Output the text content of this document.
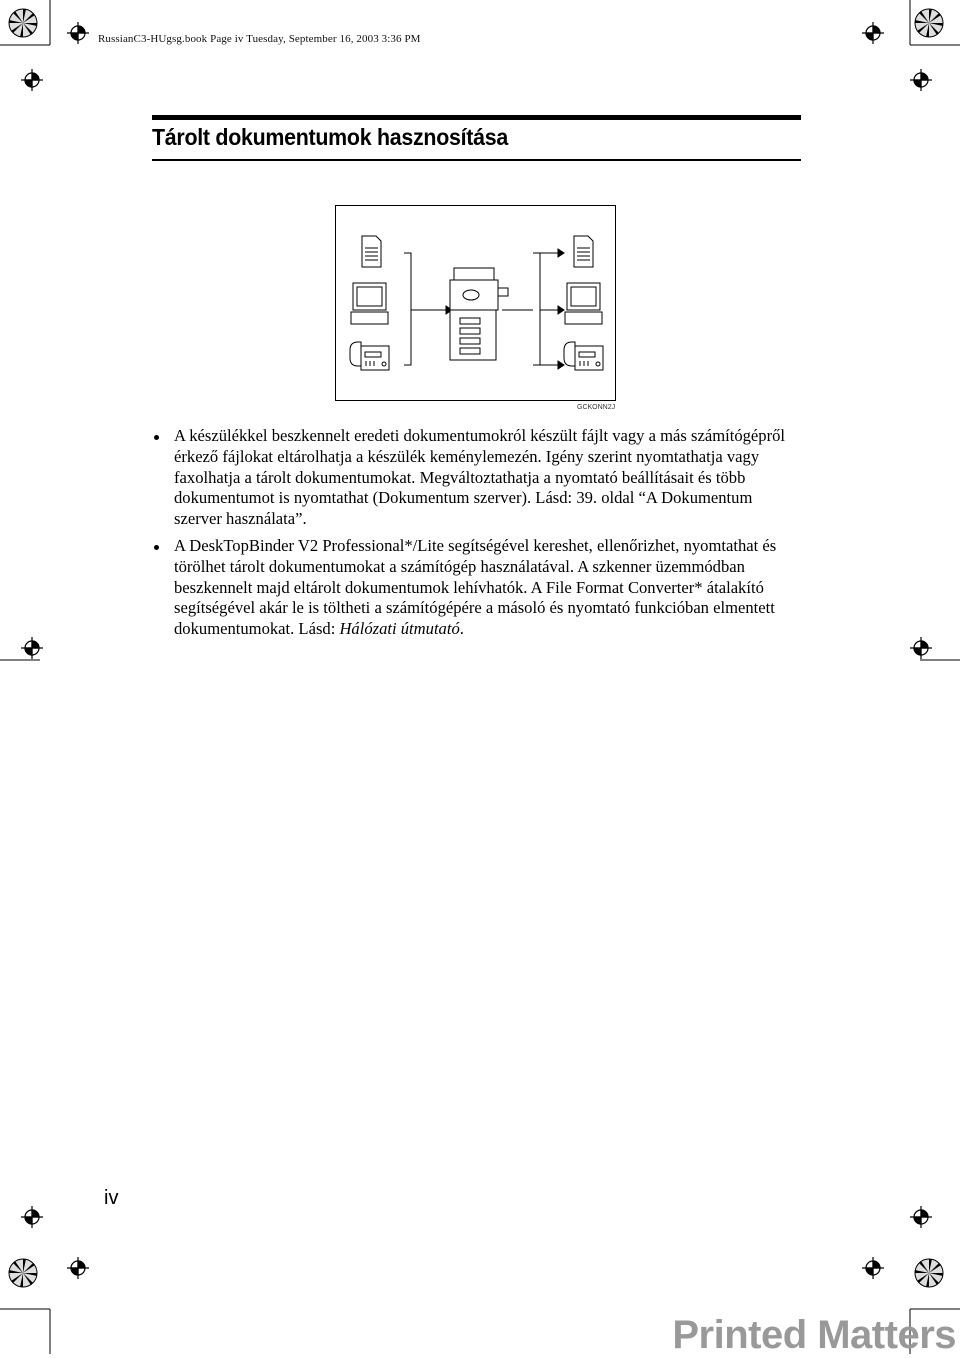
RussianC3-HUgsg.book Page iv Tuesday, September 16, 2003 3:36 PM
Tárolt dokumentumok hasznosítása
GCKONN2J
A készülékkel beszkennelt eredeti dokumentumokról készült fájlt vagy a más számítógépről érkező fájlokat eltárolhatja a készülék keménylemezén. Igény szerint nyomtathatja vagy faxolhatja a tárolt dokumentumokat. Megváltoztathatja a nyomtató beállításait és több dokumentumot is nyomtathat (Dokumentum szerver). Lásd: 39. oldal “A Dokumentum szerver használata”.
A DeskTopBinder V2 Professional*/Lite segítségével kereshet, ellenőrizhet, nyomtathat és törölhet tárolt dokumentumokat a számítógép használatával. A szkenner üzemmódban beszkennelt majd eltárolt dokumentumok lehívhatók. A File Format Converter* átalakító segítségével akár le is töltheti a számítógépére a másoló és nyomtató funkcióban elmentett dokumentumokat. Lásd: Hálózati útmutató.
iv
Printed Matters
